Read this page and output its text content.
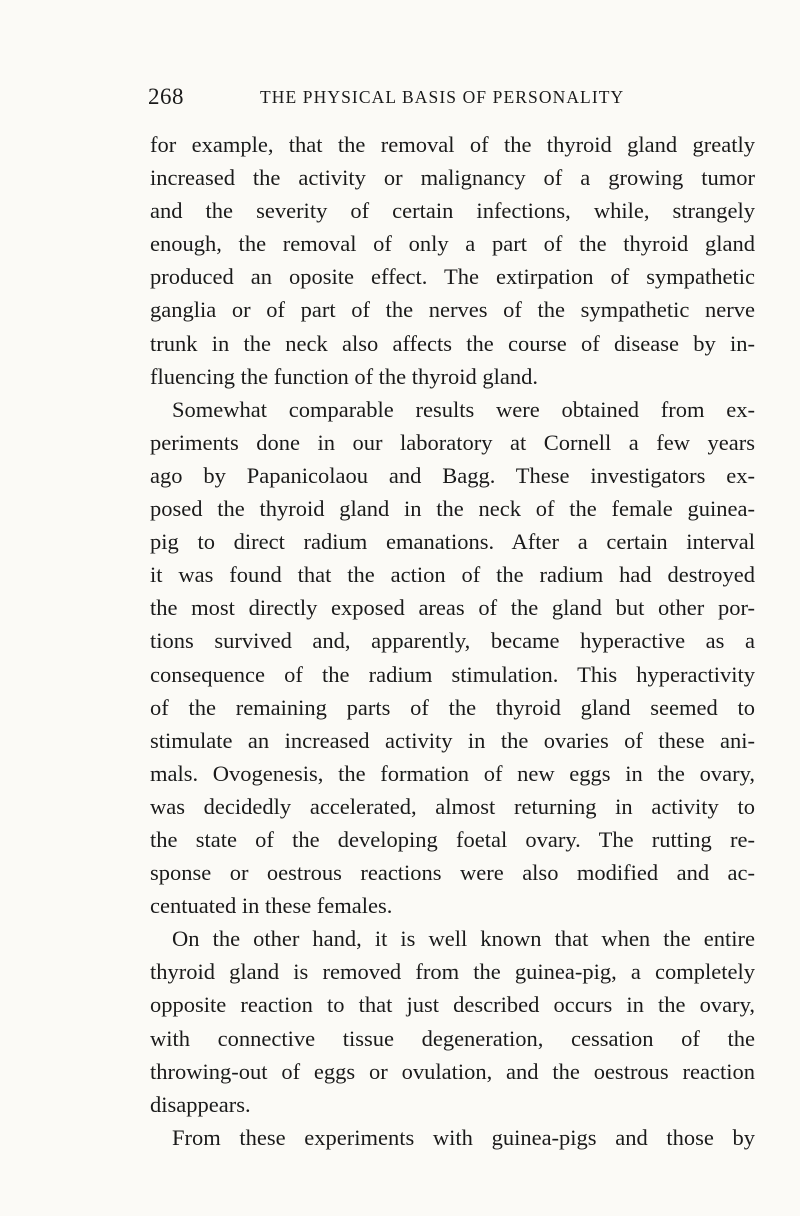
268	THE PHYSICAL BASIS OF PERSONALITY
for example, that the removal of the thyroid gland greatly
increased the activity or malignancy of a growing tumor
and the severity of certain infections, while, strangely
enough, the removal of only a part of the thyroid gland
produced an oposite effect. The extirpation of sympathetic
ganglia or of part of the nerves of the sympathetic nerve
trunk in the neck also affects the course of disease by in-
fluencing the function of the thyroid gland.
Somewhat comparable results were obtained from ex-
periments done in our laboratory at Cornell a few years
ago by Papanicolaou and Bagg. These investigators ex-
posed the thyroid gland in the neck of the female guinea-
pig to direct radium emanations. After a certain interval
it was found that the action of the radium had destroyed
the most directly exposed areas of the gland but other por-
tions survived and, apparently, became hyperactive as a
consequence of the radium stimulation. This hyperactivity
of the remaining parts of the thyroid gland seemed to
stimulate an increased activity in the ovaries of these ani-
mals. Ovogenesis, the formation of new eggs in the ovary,
was decidedly accelerated, almost returning in activity to
the state of the developing foetal ovary. The rutting re-
sponse or oestrous reactions were also modified and ac-
centuated in these females.
On the other hand, it is well known that when the entire
thyroid gland is removed from the guinea-pig, a completely
opposite reaction to that just described occurs in the ovary,
with connective tissue degeneration, cessation of the
throwing-out of eggs or ovulation, and the oestrous reaction
disappears.
From these experiments with guinea-pigs and those by
